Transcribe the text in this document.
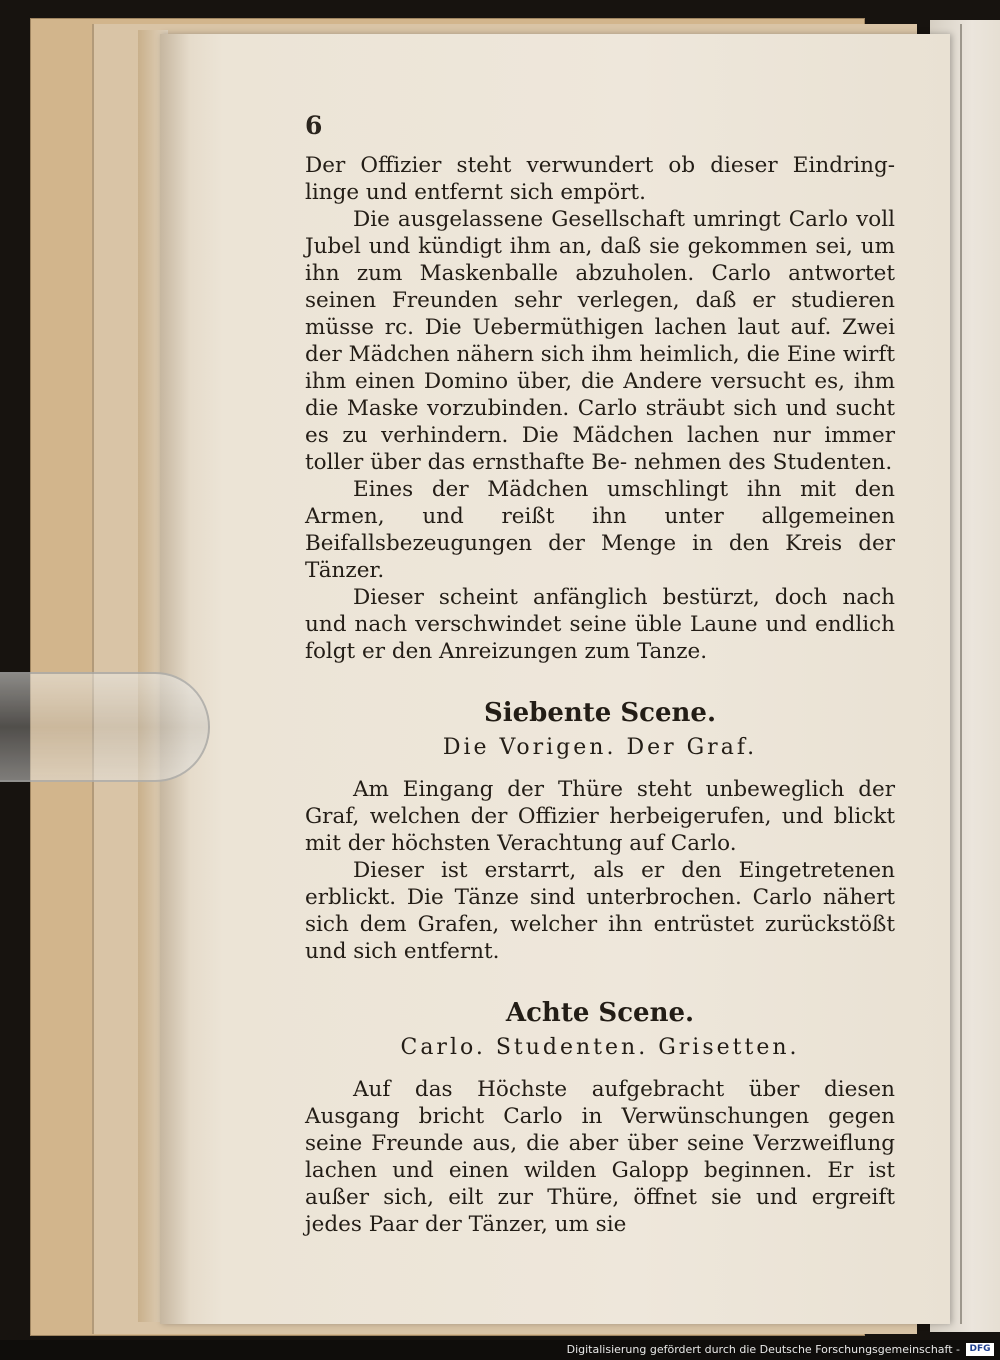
6

Der Offizier steht verwundert ob dieser Eindring- linge und entfernt sich empört.

Die ausgelassene Gesellschaft umringt Carlo voll Jubel und kündigt ihm an, daß sie gekommen sei, um ihn zum Maskenballe abzuholen. Carlo antwortet seinen Freunden sehr verlegen, daß er studieren müsse rc. Die Uebermüthigen lachen laut auf. Zwei der Mädchen nähern sich ihm heimlich, die Eine wirft ihm einen Domino über, die Andere versucht es, ihm die Maske vorzubinden. Carlo sträubt sich und sucht es zu verhindern. Die Mädchen lachen nur immer toller über das ernsthafte Be- nehmen des Studenten.

Eines der Mädchen umschlingt ihn mit den Armen, und reißt ihn unter allgemeinen Beifallsbezeugungen der Menge in den Kreis der Tänzer.

Dieser scheint anfänglich bestürzt, doch nach und nach verschwindet seine üble Laune und endlich folgt er den Anreizungen zum Tanze.

Siebente Scene.
Die Vorigen. Der Graf.

Am Eingang der Thüre steht unbeweglich der Graf, welchen der Offizier herbeigerufen, und blickt mit der höchsten Verachtung auf Carlo.

Dieser ist erstarrt, als er den Eingetretenen erblickt. Die Tänze sind unterbrochen. Carlo nähert sich dem Grafen, welcher ihn entrüstet zurückstößt und sich entfernt.

Achte Scene.
Carlo. Studenten. Grisetten.

Auf das Höchste aufgebracht über diesen Ausgang bricht Carlo in Verwünschungen gegen seine Freunde aus, die aber über seine Verzweiflung lachen und einen wilden Galopp beginnen. Er ist außer sich, eilt zur Thüre, öffnet sie und ergreift jedes Paar der Tänzer, um sie

Digitalisierung gefördert durch die Deutsche Forschungsgemeinschaft -	DFG
